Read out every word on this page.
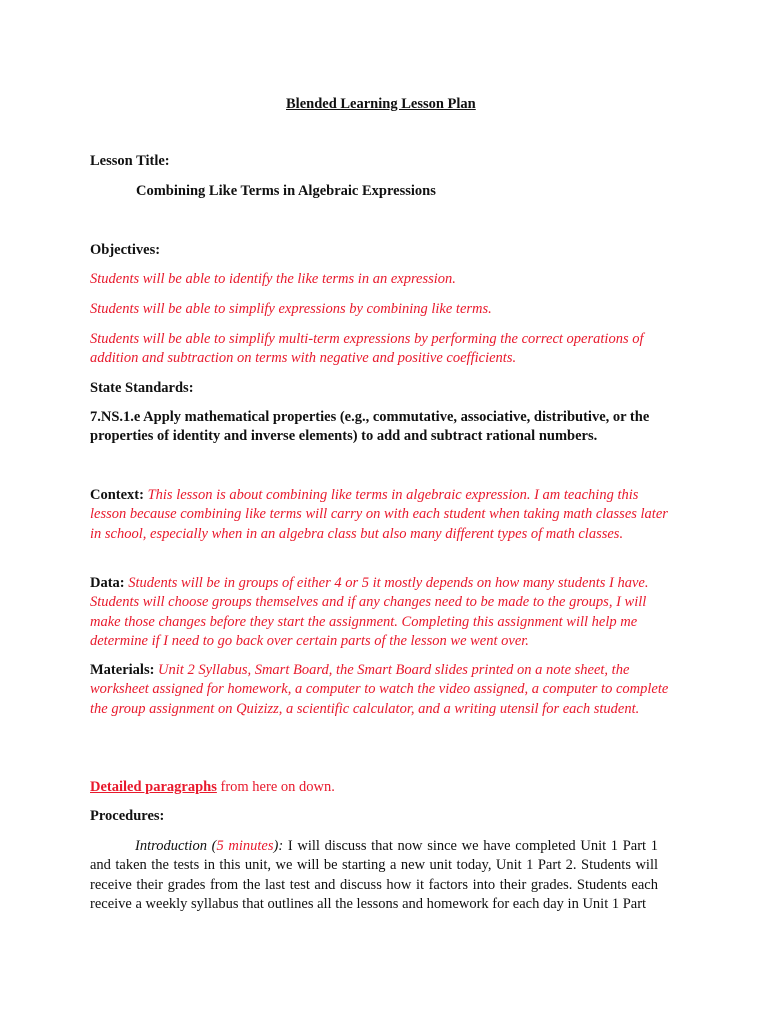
Blended Learning Lesson Plan
Lesson Title:
Combining Like Terms in Algebraic Expressions
Objectives:
Students will be able to identify the like terms in an expression.
Students will be able to simplify expressions by combining like terms.

Students will be able to simplify multi-term expressions by performing the correct operations of addition and subtraction on terms with negative and positive coefficients.

State Standards:

7.NS.1.e Apply mathematical properties (e.g., commutative, associative, distributive, or the properties of identity and inverse elements) to add and subtract rational numbers.

Context: This lesson is about combining like terms in algebraic expression. I am teaching this lesson because combining like terms will carry on with each student when taking math classes later in school, especially when in an algebra class but also many different types of math classes.

Data: Students will be in groups of either 4 or 5 it mostly depends on how many students I have. Students will choose groups themselves and if any changes need to be made to the groups, I will make those changes before they start the assignment. Completing this assignment will help me determine if I need to go back over certain parts of the lesson we went over.

Materials: Unit 2 Syllabus, Smart Board, the Smart Board slides printed on a note sheet, the worksheet assigned for homework, a computer to watch the video assigned, a computer to complete the group assignment on Quizizz, a scientific calculator, and a writing utensil for each student.

Detailed paragraphs from here on down.
Procedures:

Introduction (5 minutes): I will discuss that now since we have completed Unit 1 Part 1 and taken the tests in this unit, we will be starting a new unit today, Unit 1 Part 2. Students will receive their grades from the last test and discuss how it factors into their grades. Students each receive a weekly syllabus that outlines all the lessons and homework for each day in Unit 1 Part
